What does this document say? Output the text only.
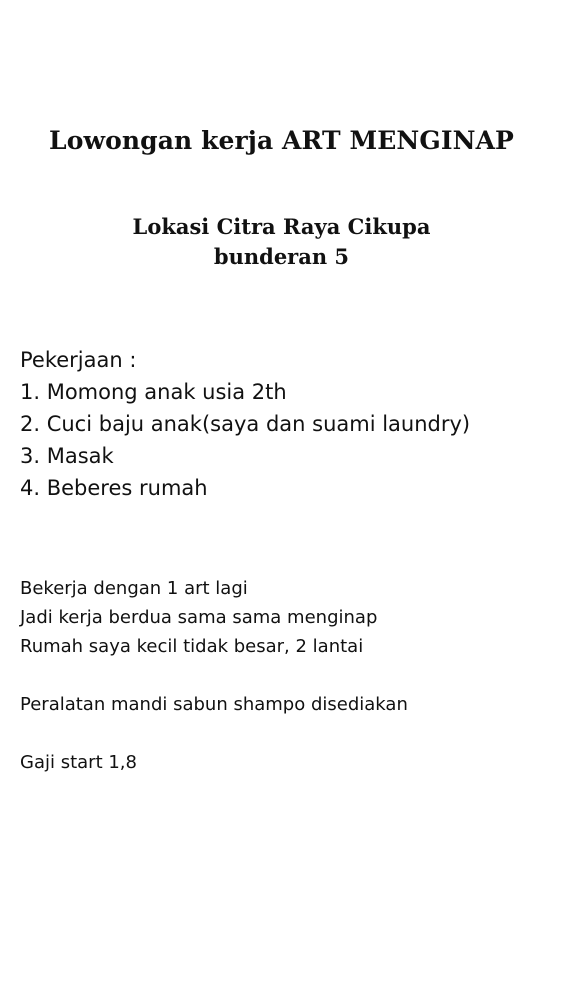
Lowongan kerja ART MENGINAP
Lokasi Citra Raya Cikupa
bunderan 5
Pekerjaan :
1. Momong anak usia 2th
2. Cuci baju anak(saya dan suami laundry)
3. Masak
4. Beberes rumah
Bekerja dengan 1 art lagi
Jadi kerja berdua sama sama menginap
Rumah saya kecil tidak besar, 2 lantai
Peralatan mandi sabun shampo disediakan
Gaji start 1,8
